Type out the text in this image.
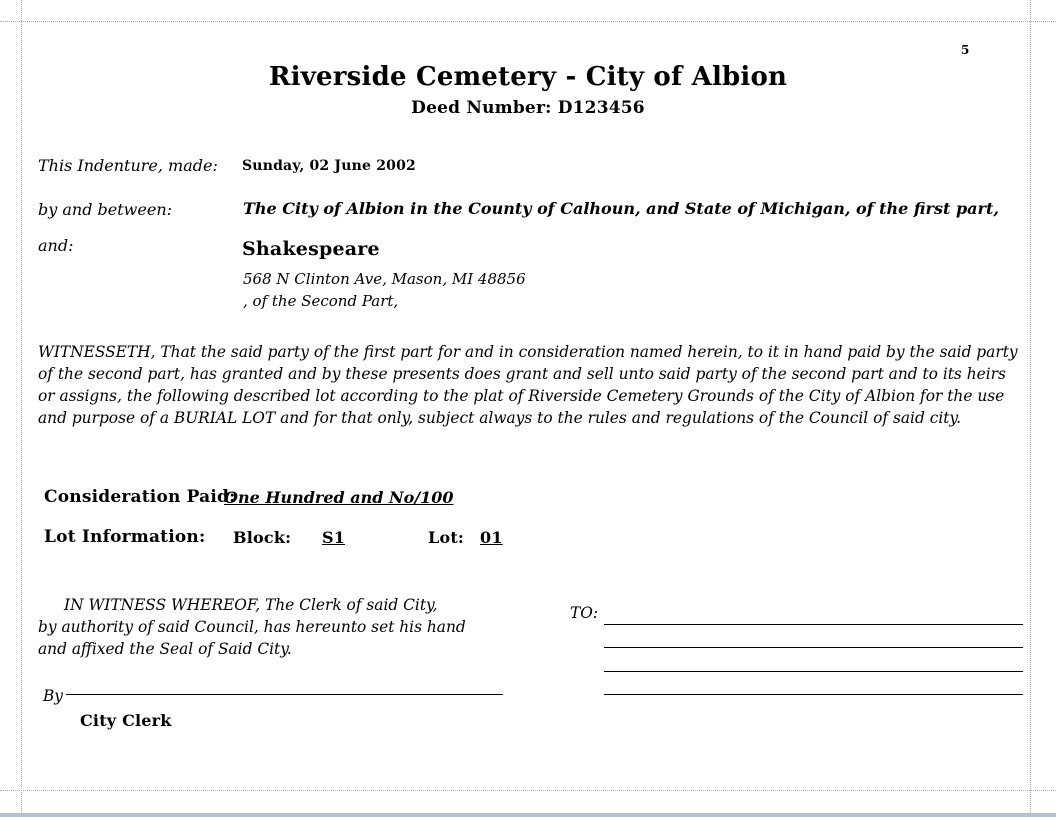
5
Riverside Cemetery - City of Albion
Deed Number: D123456
This Indenture, made: Sunday, 02 June 2002
by and between:	The City of Albion in the County of Calhoun, and State of Michigan, of the first part,
and:	Shakespeare
568 N Clinton Ave, Mason, MI 48856
, of the Second Part,
WITNESSETH, That the said party of the first part for and in consideration named herein, to it in hand paid by the said party of the second part, has granted and by these presents does grant and sell unto said party of the second part and to its heirs or assigns, the following described lot according to the plat of Riverside Cemetery Grounds of the City of Albion for the use and purpose of a BURIAL LOT and for that only, subject always to the rules and regulations of the Council of said city.
Consideration Paid:
One Hundred and No/100
Lot Information: Block: S1	Lot: 01
IN WITNESS WHEREOF, The Clerk of said City,
by authority of said Council, has hereunto set his hand
and affixed the Seal of Said City.
By
City Clerk
TO:
